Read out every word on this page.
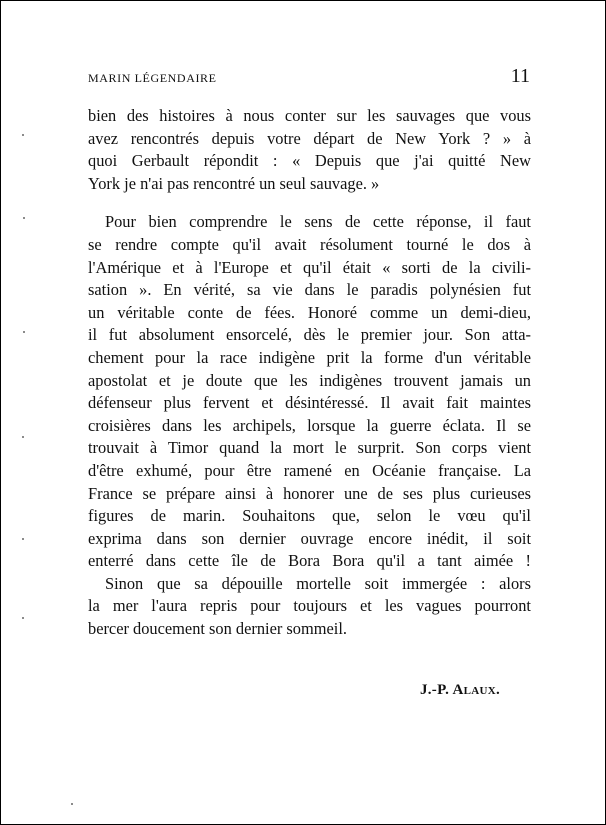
MARIN LÉGENDAIRE	11

bien des histoires à nous conter sur les sauvages que vous
avez rencontrés depuis votre départ de New York ? » à
quoi Gerbault répondit : « Depuis que j'ai quitté New
York je n'ai pas rencontré un seul sauvage. »

Pour bien comprendre le sens de cette réponse, il faut
se rendre compte qu'il avait résolument tourné le dos à
l'Amérique et à l'Europe et qu'il était « sorti de la civili-
sation ». En vérité, sa vie dans le paradis polynésien fut
un véritable conte de fées. Honoré comme un demi-dieu,
il fut absolument ensorcelé, dès le premier jour. Son atta-
chement pour la race indigène prit la forme d'un véritable
apostolat et je doute que les indigènes trouvent jamais un
défenseur plus fervent et désintéressé. Il avait fait maintes
croisières dans les archipels, lorsque la guerre éclata. Il se
trouvait à Timor quand la mort le surprit. Son corps vient
d'être exhumé, pour être ramené en Océanie française. La
France se prépare ainsi à honorer une de ses plus curieuses
figures de marin. Souhaitons que, selon le vœu qu'il
exprima dans son dernier ouvrage encore inédit, il soit
enterré dans cette île de Bora Bora qu'il a tant aimée !

Sinon que sa dépouille mortelle soit immergée : alors
la mer l'aura repris pour toujours et les vagues pourront
bercer doucement son dernier sommeil.

J.-P. Alaux.
